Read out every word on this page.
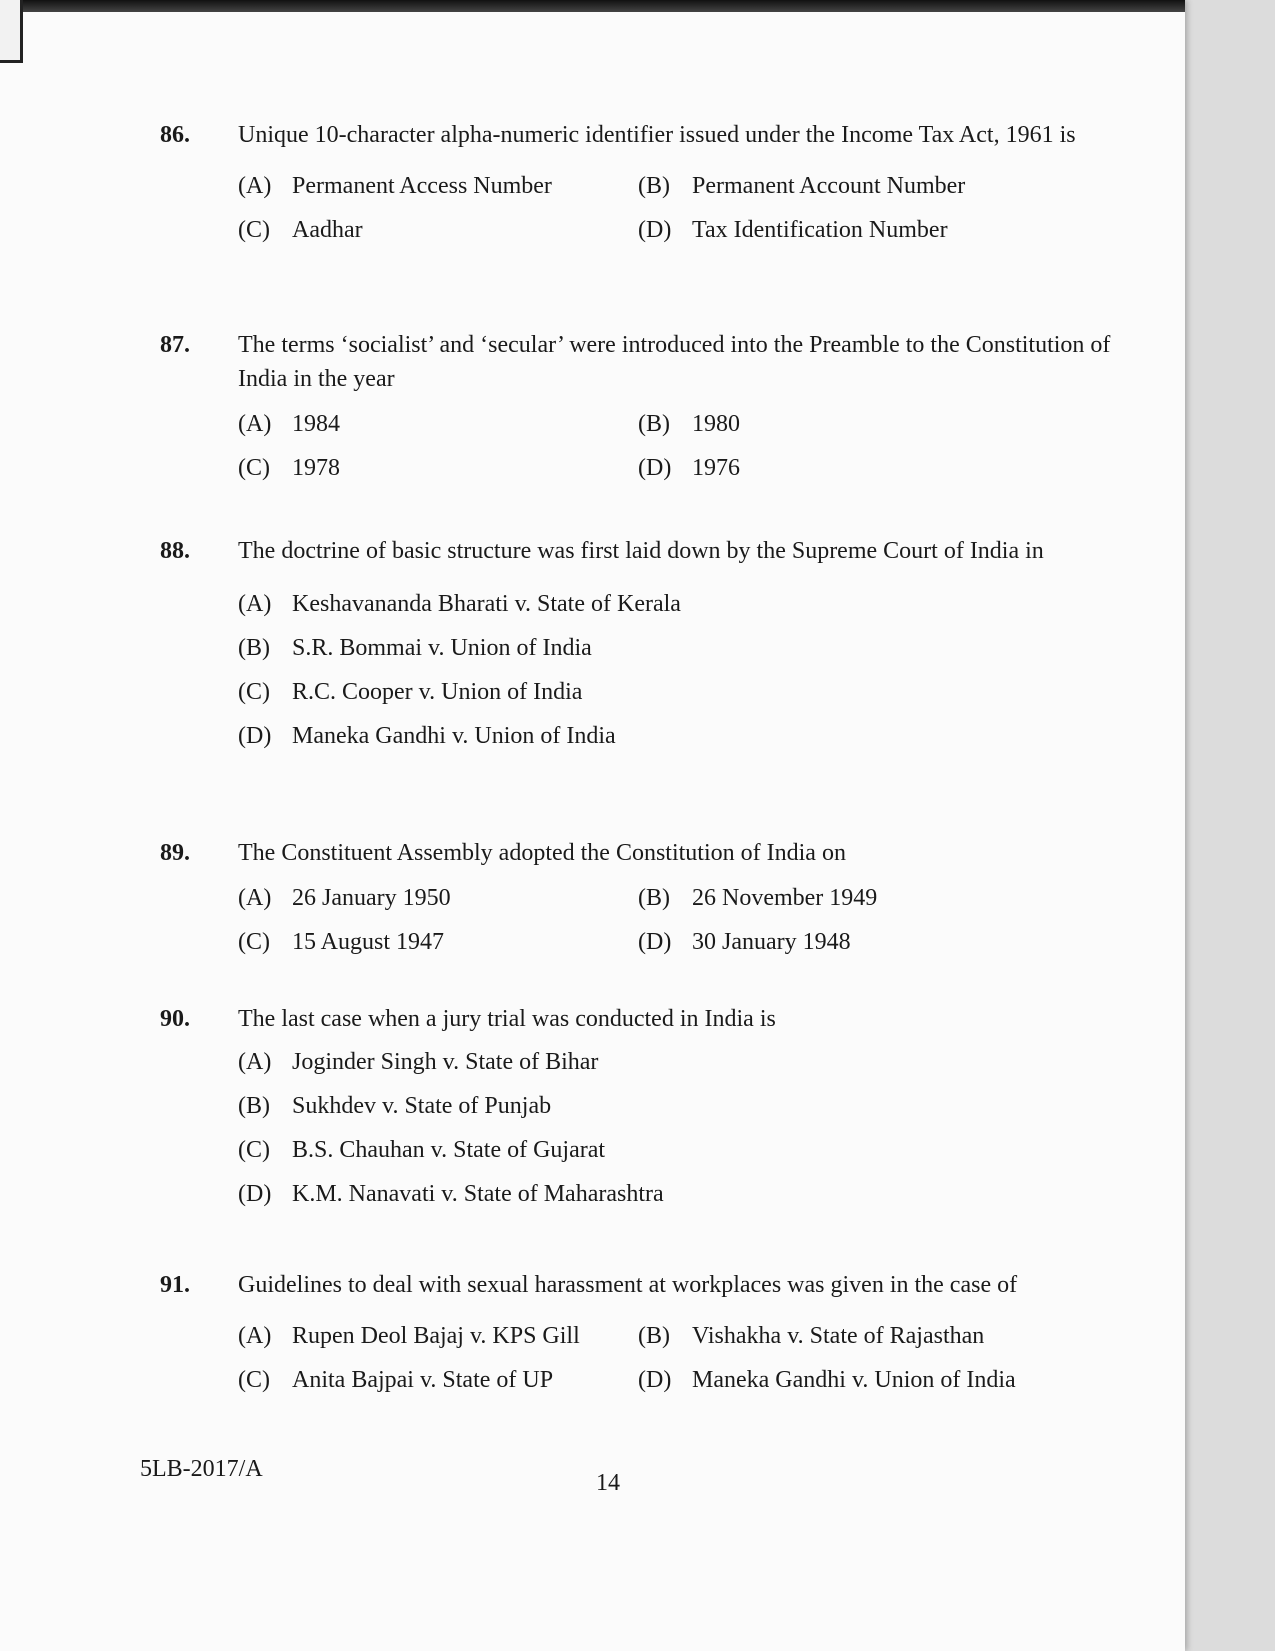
86.	Unique 10-character alpha-numeric identifier issued under the Income Tax Act, 1961 is
(A) Permanent Access Number	(B) Permanent Account Number
(C) Aadhar	(D) Tax Identification Number
87.	The terms ‘socialist’ and ‘secular’ were introduced into the Preamble to the Constitution of India in the year
(A) 1984	(B) 1980
(C) 1978	(D) 1976
88.	The doctrine of basic structure was first laid down by the Supreme Court of India in
(A) Keshavananda Bharati v. State of Kerala
(B) S.R. Bommai v. Union of India
(C) R.C. Cooper v. Union of India
(D) Maneka Gandhi v. Union of India
89.	The Constituent Assembly adopted the Constitution of India on
(A) 26 January 1950	(B) 26 November 1949
(C) 15 August 1947	(D) 30 January 1948
90.	The last case when a jury trial was conducted in India is
(A) Joginder Singh v. State of Bihar
(B) Sukhdev v. State of Punjab
(C) B.S. Chauhan v. State of Gujarat
(D) K.M. Nanavati v. State of Maharashtra
91.	Guidelines to deal with sexual harassment at workplaces was given in the case of
(A) Rupen Deol Bajaj v. KPS Gill	(B) Vishakha v. State of Rajasthan
(C) Anita Bajpai v. State of UP	(D) Maneka Gandhi v. Union of India
5LB-2017/A
14
